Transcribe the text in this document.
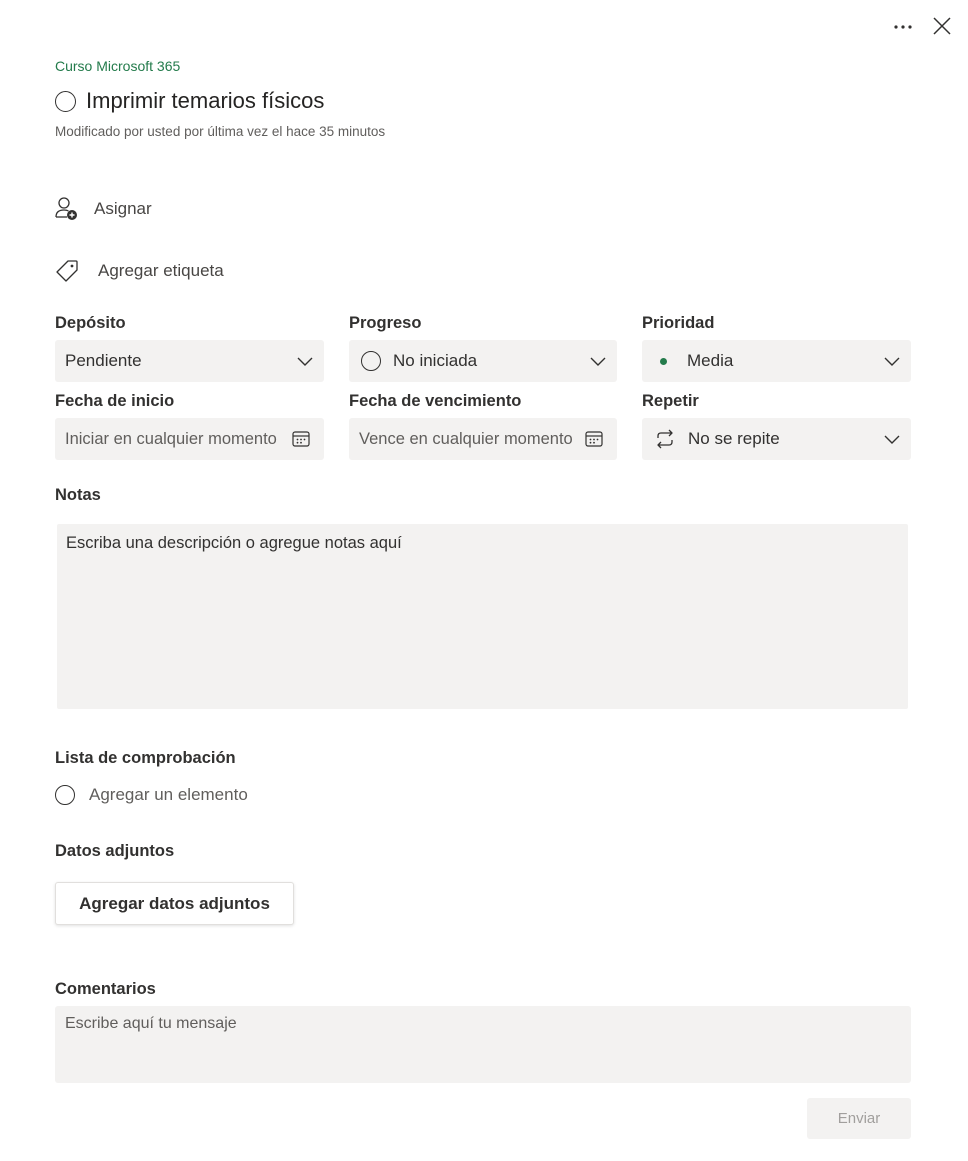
Curso Microsoft 365
Imprimir temarios físicos
Modificado por usted por última vez el hace 35 minutos
Asignar
Agregar etiqueta
Depósito	Progreso	Prioridad
Pendiente	No iniciada	Media
Fecha de inicio	Fecha de vencimiento	Repetir
Iniciar en cualquier momento	Vence en cualquier momento	No se repite
Notas
Escriba una descripción o agregue notas aquí
Lista de comprobación
Agregar un elemento
Datos adjuntos
Agregar datos adjuntos
Comentarios
Escribe aquí tu mensaje
Enviar
